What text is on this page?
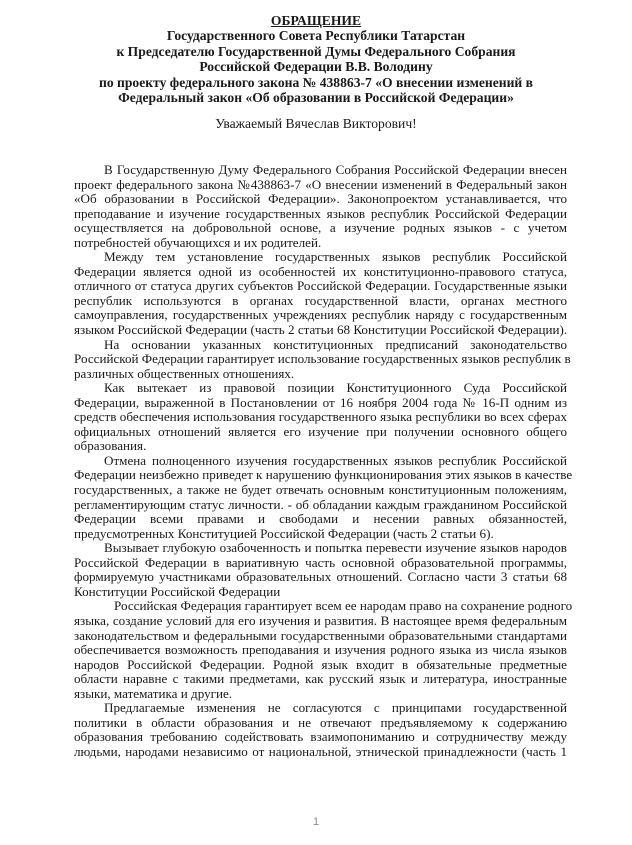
ОБРАЩЕНИЕ
Государственного Совета Республики Татарстан
к Председателю Государственной Думы Федерального Собрания
Российской Федерации В.В. Володину
по проекту федерального закона № 438863-7 «О внесении изменений в
Федеральный закон «Об образовании в Российской Федерации»
Уважаемый Вячеслав Викторович!
В Государственную Думу Федерального Собрания Российской Федерации внесен
проект федерального закона №438863-7 «О внесении изменений в Федеральный закон
«Об образовании в Российской Федерации». Законопроектом устанавливается, что
преподавание и изучение государственных языков республик Российской Федерации
осуществляется на добровольной основе, а изучение родных языков - с учетом
потребностей обучающихся и их родителей.
Между тем установление государственных языков республик Российской
Федерации является одной из особенностей их конституционно-правового статуса,
отличного от статуса других субъектов Российской Федерации. Государственные языки
республик используются в органах государственной власти, органах местного
самоуправления, государственных учреждениях республик наряду с государственным
языком Российской Федерации (часть 2 статьи 68 Конституции Российской Федерации).
На основании указанных конституционных предписаний законодательство
Российской Федерации гарантирует использование государственных языков республик в
различных общественных отношениях.
Как вытекает из правовой позиции Конституционного Суда Российской
Федерации, выраженной в Постановлении от 16 ноября 2004 года № 16-П одним из
средств обеспечения использования государственного языка республики во всех сферах
официальных отношений является его изучение при получении основного общего
образования.
Отмена полноценного изучения государственных языков республик Российской
Федерации неизбежно приведет к нарушению функционирования этих языков в качестве
государственных, а также не будет отвечать основным конституционным положениям,
регламентирующим статус личности. - об обладании каждым гражданином Российской
Федерации всеми правами и свободами и несении равных обязанностей,
предусмотренных Конституцией Российской Федерации (часть 2 статьи 6).
Вызывает глубокую озабоченность и попытка перевести изучение языков народов
Российской Федерации в вариативную часть основной образовательной программы,
формируемую участниками образовательных отношений. Согласно части 3 статьи 68
Конституции Российской Федерации
Российская Федерация гарантирует всем ее народам право на сохранение родного
языка, создание условий для его изучения и развития. В настоящее время федеральным
законодательством и федеральными государственными образовательными стандартами
обеспечивается возможность преподавания и изучения родного языка из числа языков
народов Российской Федерации. Родной язык входит в обязательные предметные
области наравне с такими предметами, как русский язык и литература, иностранные
языки, математика и другие.
Предлагаемые изменения не согласуются с принципами государственной
политики в области образования и не отвечают предъявляемому к содержанию
образования требованию содействовать взаимопониманию и сотрудничеству между
людьми, народами независимо от национальной, этнической принадлежности (часть 1
1
